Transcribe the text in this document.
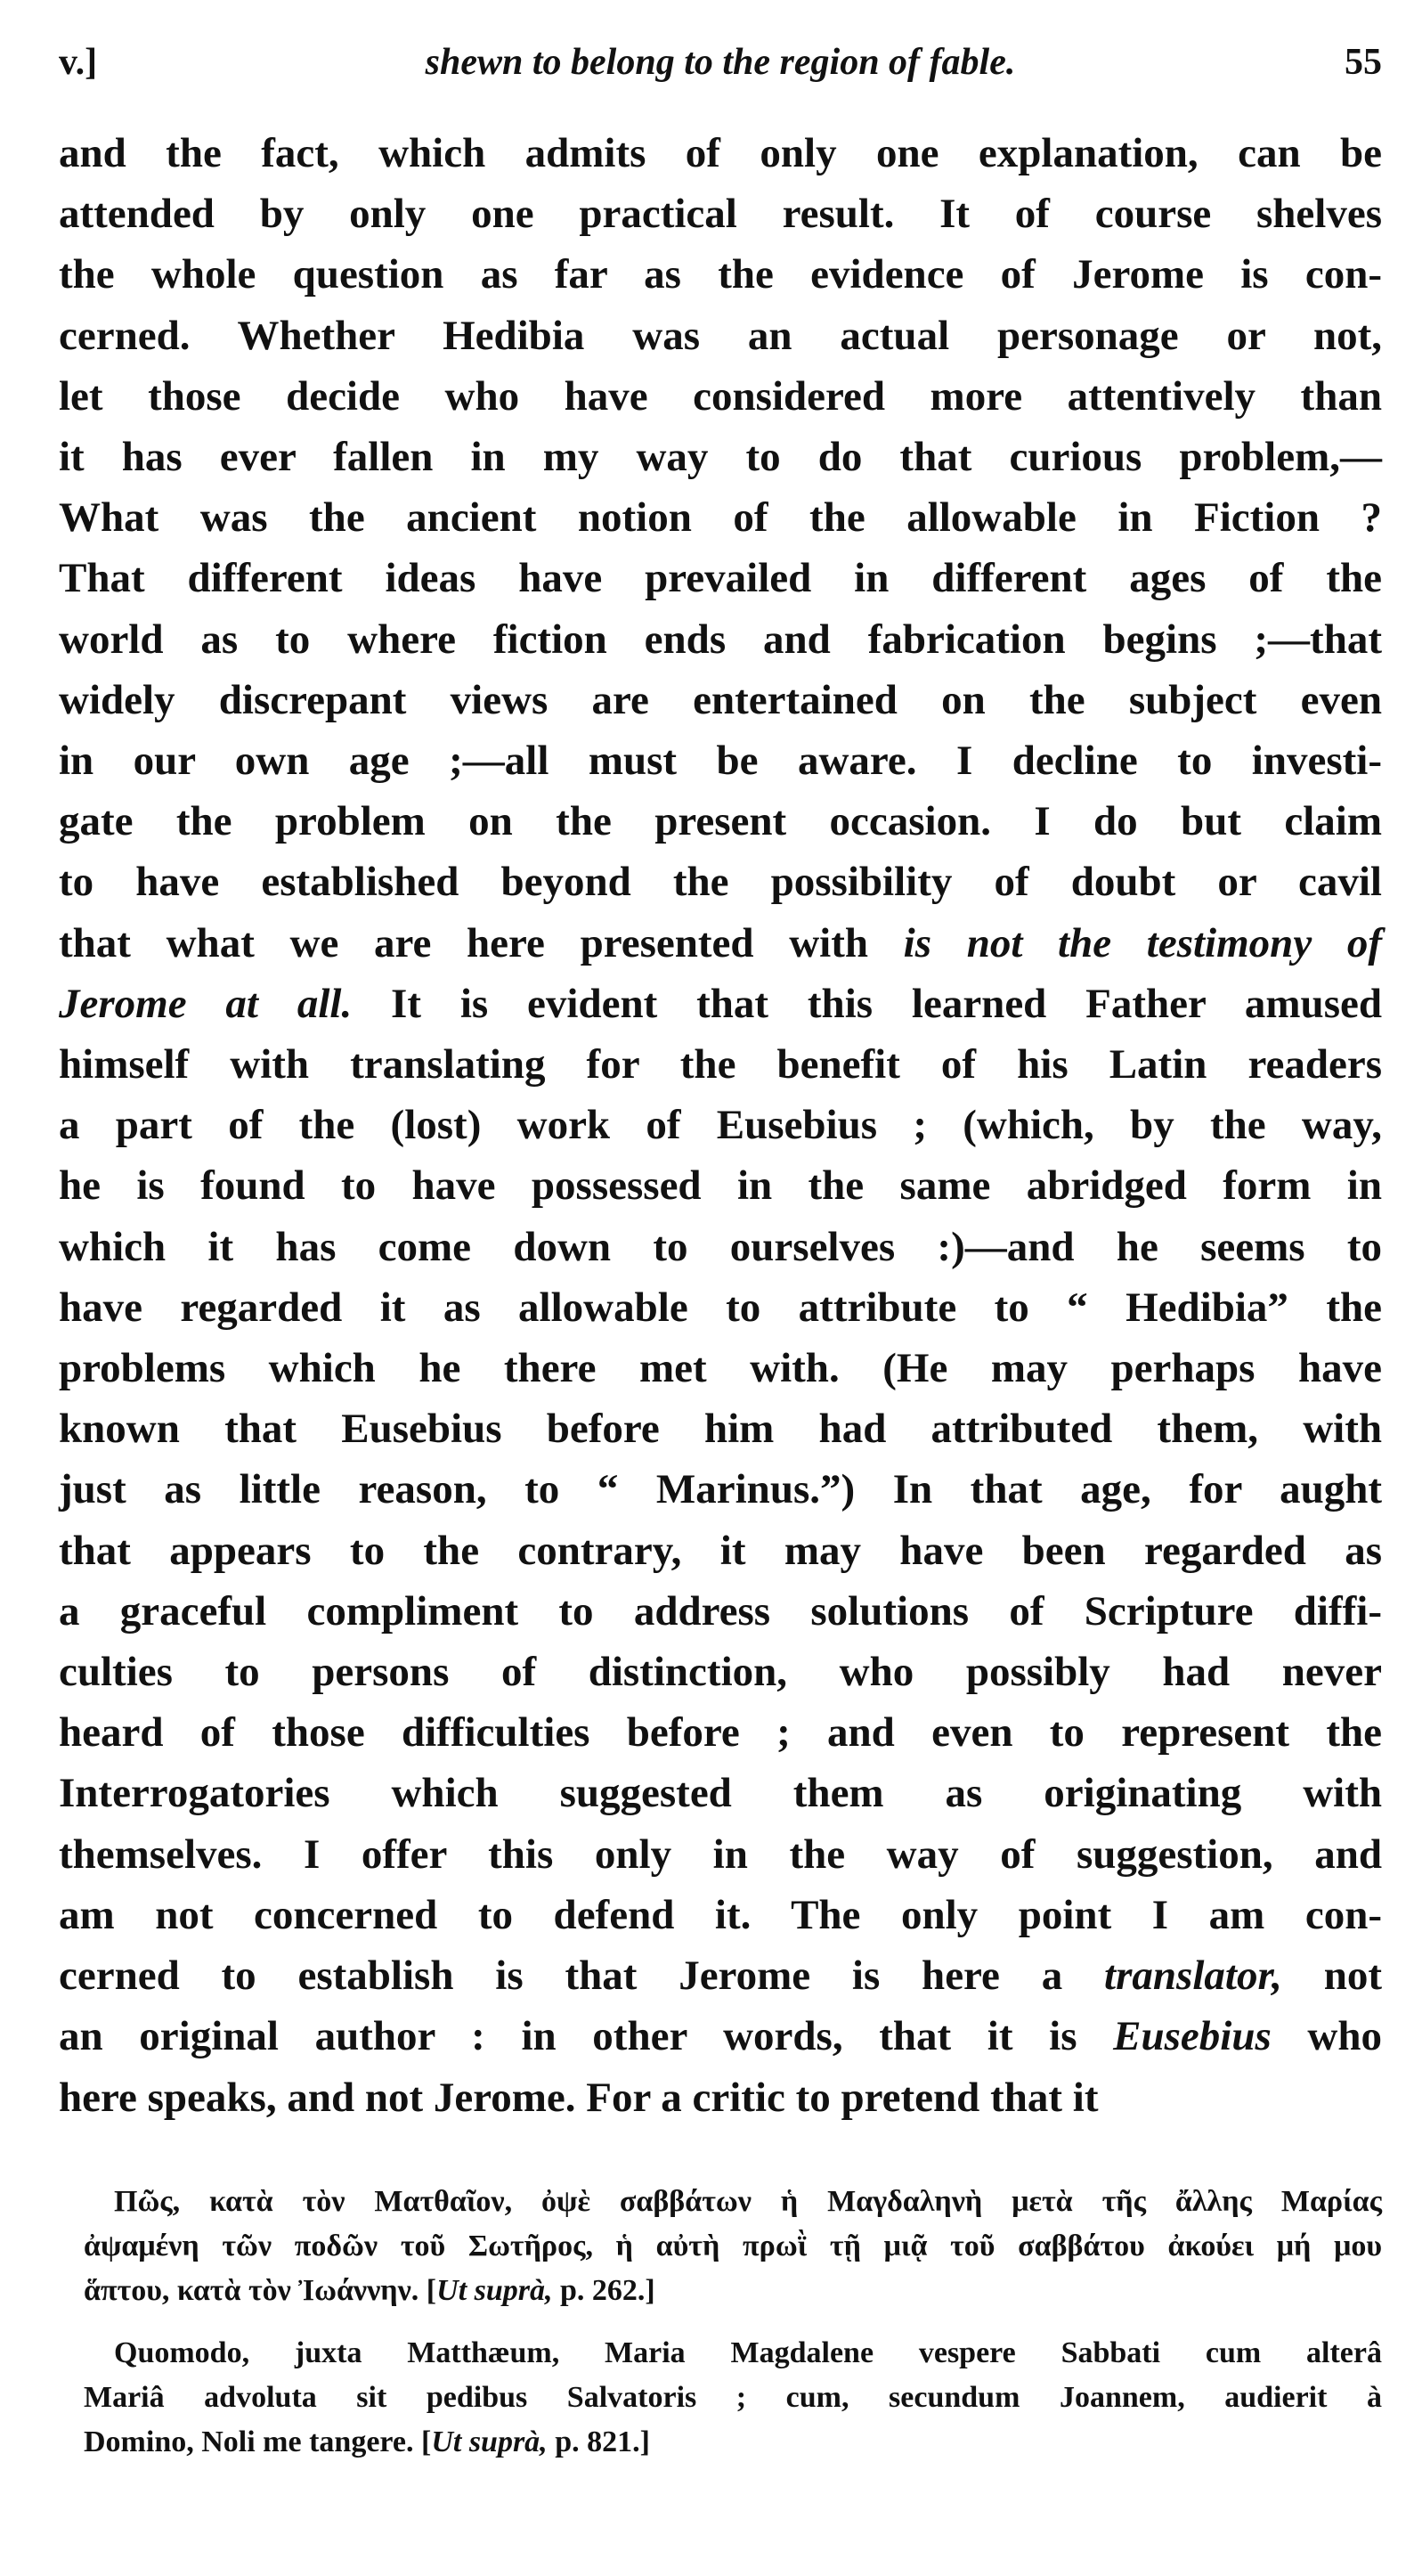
v.]	shewn to belong to the region of fable.	55
and the fact, which admits of only one explanation, can be
attended by only one practical result. It of course shelves
the whole question as far as the evidence of Jerome is con-
cerned. Whether Hedibia was an actual personage or not,
let those decide who have considered more attentively than
it has ever fallen in my way to do that curious problem,—
What was the ancient notion of the allowable in Fiction ?
That different ideas have prevailed in different ages of the
world as to where fiction ends and fabrication begins ;—that
widely discrepant views are entertained on the subject even
in our own age ;—all must be aware. I decline to investi-
gate the problem on the present occasion. I do but claim
to have established beyond the possibility of doubt or cavil
that what we are here presented with is not the testimony of
Jerome at all. It is evident that this learned Father amused
himself with translating for the benefit of his Latin readers
a part of the (lost) work of Eusebius ; (which, by the way,
he is found to have possessed in the same abridged form in
which it has come down to ourselves :)—and he seems to
have regarded it as allowable to attribute to “ Hedibia” the
problems which he there met with. (He may perhaps have
known that Eusebius before him had attributed them, with
just as little reason, to “ Marinus.”) In that age, for aught
that appears to the contrary, it may have been regarded as
a graceful compliment to address solutions of Scripture diffi-
culties to persons of distinction, who possibly had never
heard of those difficulties before ; and even to represent the
Interrogatories which suggested them as originating with
themselves. I offer this only in the way of suggestion, and
am not concerned to defend it. The only point I am con-
cerned to establish is that Jerome is here a translator, not
an original author : in other words, that it is Eusebius who
here speaks, and not Jerome. For a critic to pretend that it
Πῶς, κατὰ τὸν Ματθαῖον, ὀψὲ σαββάτων ἡ Μαγδαληνὴ μετὰ τῆς ἄλλης Μαρίας
ἀψαμένη τῶν ποδῶν τοῦ Σωτῆρος, ἡ αὐτὴ πρωῒ τῇ μιᾷ τοῦ σαββάτου ἀκούει μή μου
ἅπτου, κατὰ τὸν Ἰωάννην. [Ut suprà, p. 262.]
Quomodo, juxta Matthæum, Maria Magdalene vespere Sabbati cum alterâ
Mariâ advoluta sit pedibus Salvatoris ; cum, secundum Joannem, audierit à
Domino, Noli me tangere. [Ut suprà, p. 821.]
